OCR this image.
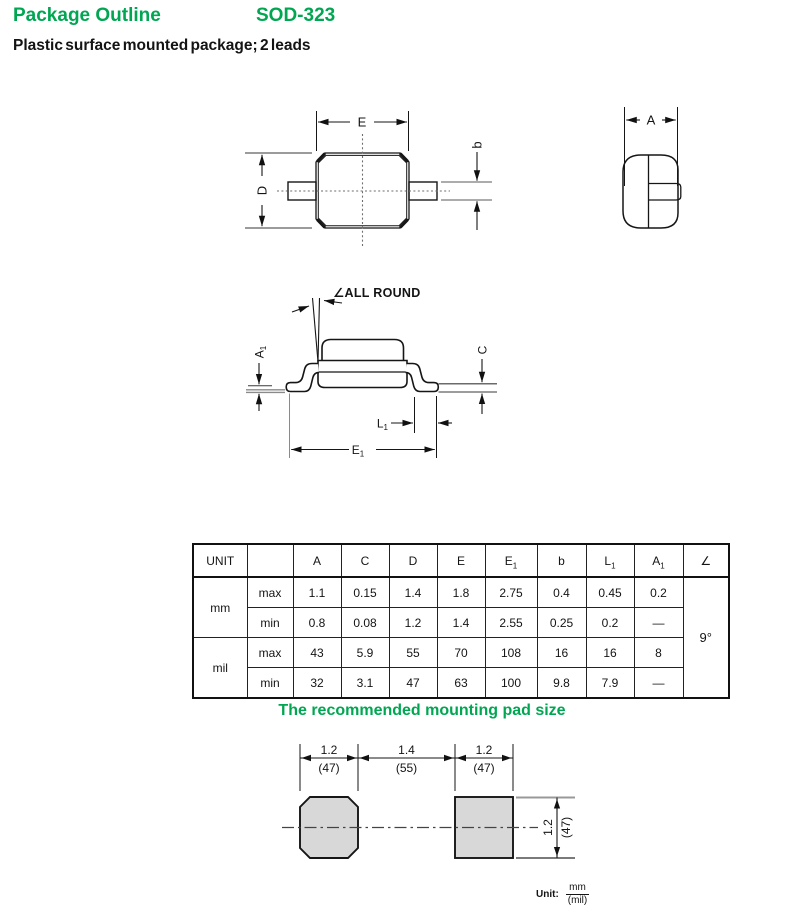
Package Outline	SOD-323
Plastic surface mounted package; 2 leads
E
D
b
A
∠ALL ROUND
$A_1$	C
$L_1$
$E_1$
UNIT		A	C	D	E	$E_1$	b	$L_1$	$A_1$	∠
mm	max	1.1	0.15	1.4	1.8	2.75	0.4	0.45	0.2	9°
	min	0.8	0.08	1.2	1.4	2.55	0.25	0.2	—	
mil	max	43	5.9	55	70	108	16	16	8	
	min	32	3.1	47	63	100	9.8	7.9	—	
The recommended mounting pad size
1.2
(47)
1.4
(55)
1.2
(47)
1.2 (47)
Unit: $\frac{mm}{\text{(mil)}}$
